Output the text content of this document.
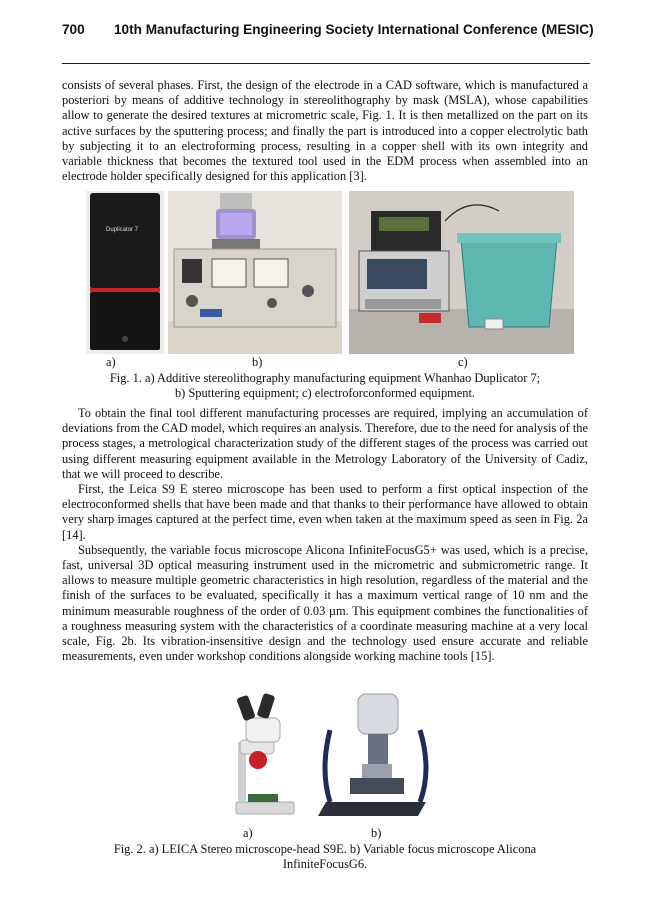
700 10th Manufacturing Engineering Society International Conference (MESIC)

consists of several phases. First, the design of the electrode in a CAD software, which is manufactured a posteriori by means of additive technology in stereolithography by mask (MSLA), whose capabilities allow to generate the desired textures at micrometric scale, Fig. 1. It is then metallized on the part on its active surfaces by the sputtering process; and finally the part is introduced into a copper electrolytic bath by subjecting it to an electroforming process, resulting in a copper shell with its own integrity and variable thickness that becomes the textured tool used in the EDM process when assembled into an electrode holder specifically designed for this application [3].

Duplicator 7
a)	b)	c)
Fig. 1. a) Additive stereolithography manufacturing equipment Whanhao Duplicator 7;
b) Sputtering equipment; c) electroforconformed equipment.

To obtain the final tool different manufacturing processes are required, implying an accumulation of deviations from the CAD model, which requires an analysis. Therefore, due to the need for analysis of the process stages, a metrological characterization study of the different stages of the process was carried out using different measuring equipment available in the Metrology Laboratory of the University of Cadiz, that we will proceed to describe.

First, the Leica S9 E stereo microscope has been used to perform a first optical inspection of the electroconformed shells that have been made and that thanks to their performance have allowed to obtain very sharp images captured at the perfect time, even when taken at the maximum speed as seen in Fig. 2a [14].

Subsequently, the variable focus microscope Alicona InfiniteFocusG5+ was used, which is a precise, fast, universal 3D optical measuring instrument used in the micrometric and submicrometric range. It allows to measure multiple geometric characteristics in high resolution, regardless of the material and the finish of the surfaces to be evaluated, specifically it has a maximum vertical range of 10 nm and the minimum measurable roughness of the order of 0.03 µm. This equipment combines the functionalities of a roughness measuring system with the characteristics of a coordinate measuring machine at a very local scale, Fig. 2b. Its vibration-insensitive design and the technology used ensure accurate and reliable measurements, even under workshop conditions alongside working machine tools [15].

a)	b)
Fig. 2. a) LEICA Stereo microscope-head S9E. b) Variable focus microscope Alicona
InfiniteFocusG6.
